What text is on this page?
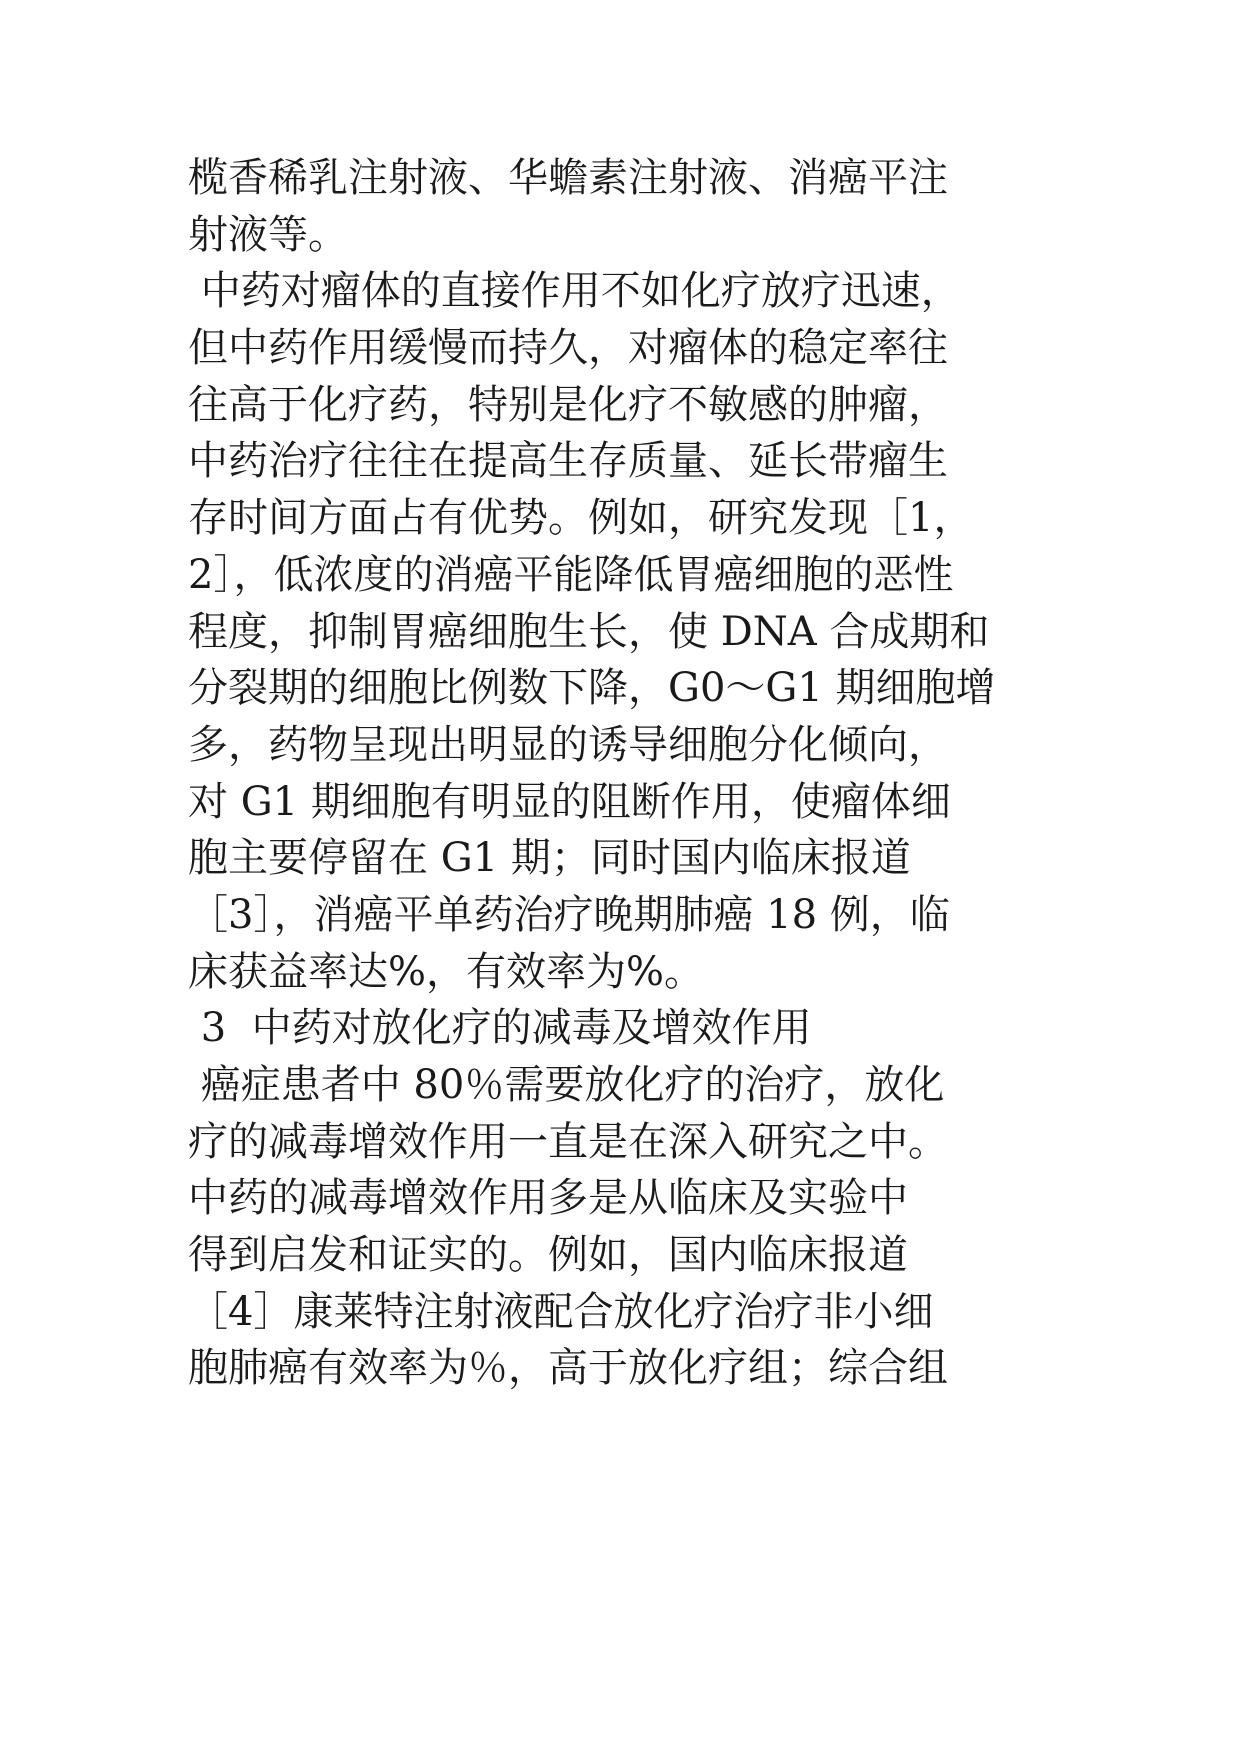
榄香稀乳注射液、华蟾素注射液、消癌平注
射液等。
中药对瘤体的直接作用不如化疗放疗迅速，
但中药作用缓慢而持久，对瘤体的稳定率往
往高于化疗药，特别是化疗不敏感的肿瘤，
中药治疗往往在提高生存质量、延长带瘤生
存时间方面占有优势。例如，研究发现［1，
2］，低浓度的消癌平能降低胃癌细胞的恶性
程度，抑制胃癌细胞生长，使 DNA 合成期和
分裂期的细胞比例数下降，G0～G1 期细胞增
多，药物呈现出明显的诱导细胞分化倾向，
对 G1 期细胞有明显的阻断作用，使瘤体细
胞主要停留在 G1 期；同时国内临床报道
［3］，消癌平单药治疗晚期肺癌 18 例，临
床获益率达%，有效率为%。
3  中药对放化疗的减毒及增效作用
癌症患者中 80％需要放化疗的治疗，放化
疗的减毒增效作用一直是在深入研究之中。
中药的减毒增效作用多是从临床及实验中
得到启发和证实的。例如，国内临床报道
［4］康莱特注射液配合放化疗治疗非小细
胞肺癌有效率为％，高于放化疗组；综合组
